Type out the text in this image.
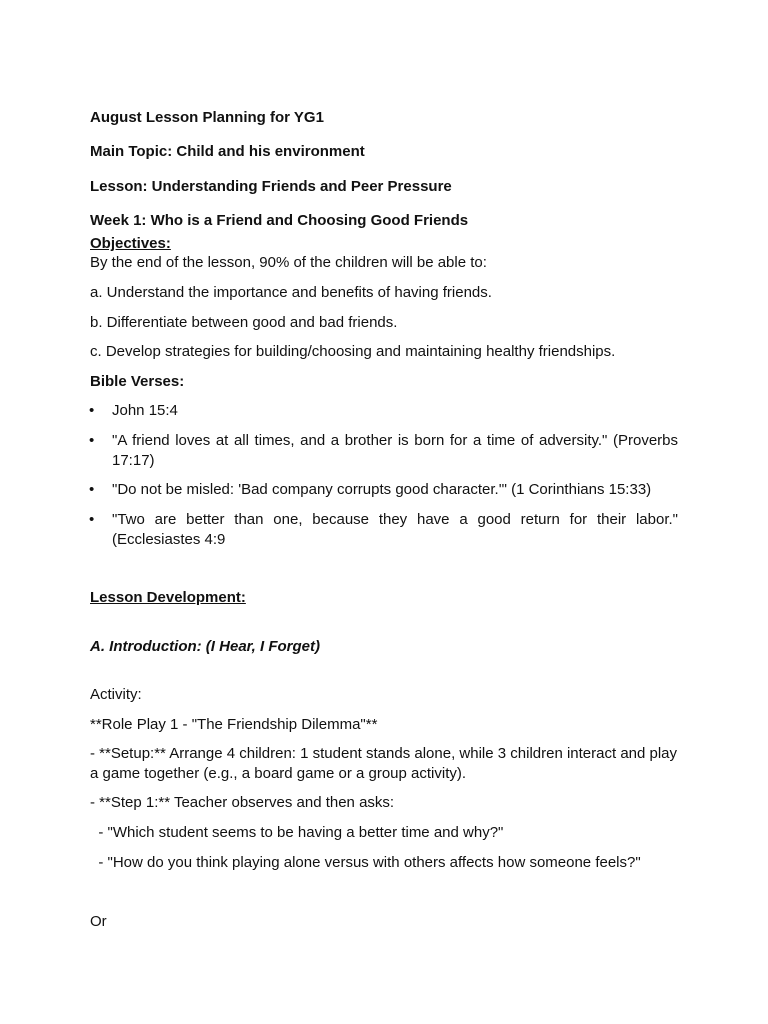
August Lesson Planning for YG1
Main Topic: Child and his environment
Lesson: Understanding Friends and Peer Pressure
Week 1: Who is a Friend and Choosing Good Friends
Objectives:
By the end of the lesson, 90% of the children will be able to:
a. Understand the importance and benefits of having friends.
b. Differentiate between good and bad friends.
c. Develop strategies for building/choosing and maintaining healthy friendships.
Bible Verses:
• John 15:4
• "A friend loves at all times, and a brother is born for a time of adversity." (Proverbs 17:17)
• "Do not be misled: 'Bad company corrupts good character.'" (1 Corinthians 15:33)
• "Two are better than one, because they have a good return for their labor." (Ecclesiastes 4:9
Lesson Development:
A. Introduction: (I Hear, I Forget)
Activity:
**Role Play 1 - "The Friendship Dilemma"**
- **Setup:** Arrange 4 children: 1 student stands alone, while 3 children interact and play a game together (e.g., a board game or a group activity).
- **Step 1:** Teacher observes and then asks:
- "Which student seems to be having a better time and why?"
- "How do you think playing alone versus with others affects how someone feels?"
Or
